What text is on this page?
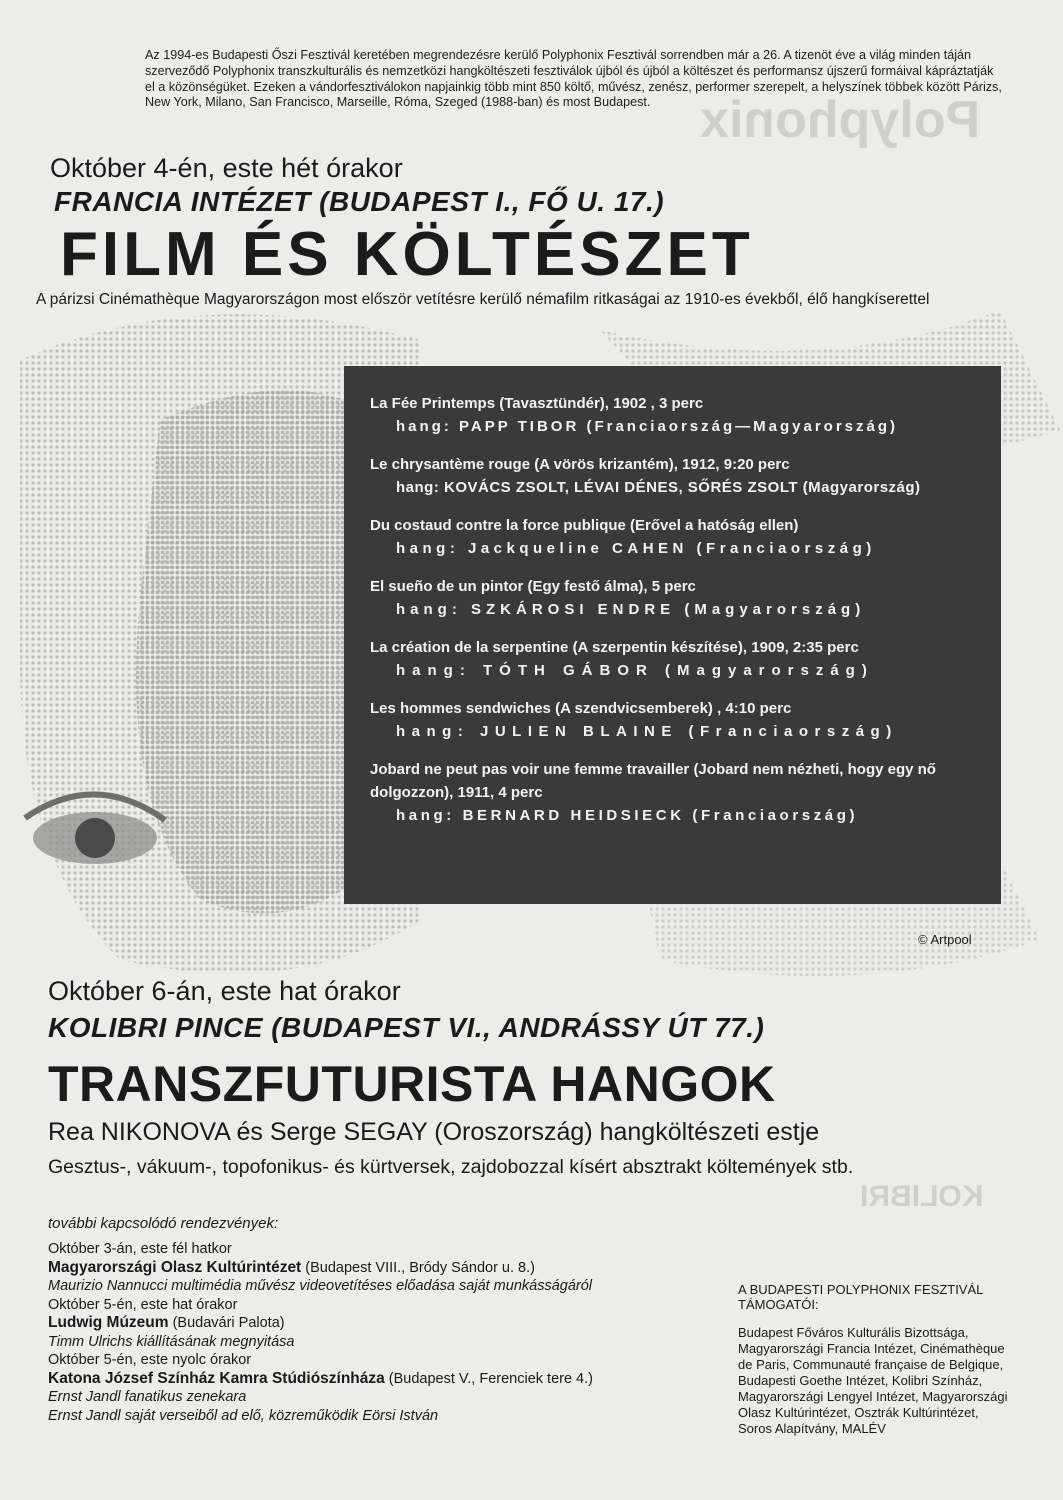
Polyphonix
KOLIBRI
Az 1994-es Budapesti Őszi Fesztivál keretében megrendezésre kerülő Polyphonix Fesztivál sorrendben már a 26. A tizenöt éve a világ minden táján szerveződő Polyphonix transzkulturális és nemzetközi hangköltészeti fesztiválok újból és újból a költészet és performansz újszerű formáival kápráztatják el a közönségüket. Ezeken a vándorfesztiválokon napjainkig több mint 850 költő, művész, zenész, performer szerepelt, a helyszínek többek között Párizs, New York, Milano, San Francisco, Marseille, Róma, Szeged (1988-ban) és most Budapest.
Október 4-én, este hét órakor
FRANCIA INTÉZET (BUDAPEST I., FŐ U. 17.)
FILM ÉS KÖLTÉSZET
A párizsi Cinémathèque Magyarországon most először vetítésre kerülő némafilm ritkaságai az 1910-es évekből, élő hangkíserettel
La Fée Printemps (Tavasztündér), 1902 , 3 perc
hang: PAPP TIBOR (Franciaország—Magyarország)
Le chrysantème rouge (A vörös krizantém), 1912, 9:20 perc
hang: KOVÁCS ZSOLT, LÉVAI DÉNES, SŐRÉS ZSOLT (Magyarország)
Du costaud contre la force publique (Erővel a hatóság ellen)
hang: Jackqueline CAHEN (Franciaország)
El sueño de un pintor (Egy festő álma), 5 perc
hang: SZKÁROSI ENDRE (Magyarország)
La création de la serpentine (A szerpentin készítése), 1909, 2:35 perc
hang: TÓTH GÁBOR (Magyarország)
Les hommes sendwiches (A szendvicsemberek) , 4:10 perc
hang: JULIEN BLAINE (Franciaország)
Jobard ne peut pas voir une femme travailler (Jobard nem nézheti, hogy egy nő dolgozzon), 1911, 4 perc
hang: BERNARD HEIDSIECK (Franciaország)
© Artpool
Október 6-án, este hat órakor
KOLIBRI PINCE (BUDAPEST VI., ANDRÁSSY ÚT 77.)
TRANSZFUTURISTA HANGOK
Rea NIKONOVA és Serge SEGAY (Oroszország) hangköltészeti estje
Gesztus-, vákuum-, topofonikus- és kürtversek, zajdobozzal kísért absztrakt költemények stb.
további kapcsolódó rendezvények:
Október 3-án, este fél hatkor
Magyarországi Olasz Kultúrintézet (Budapest VIII., Bródy Sándor u. 8.)
Maurizio Nannucci multimédia művész videovetítéses előadása saját munkásságáról
Október 5-én, este hat órakor
Ludwig Múzeum (Budavári Palota)
Timm Ulrichs kiállításának megnyitása
Október 5-én, este nyolc órakor
Katona József Színház Kamra Stúdiószínháza (Budapest V., Ferenciek tere 4.)
Ernst Jandl fanatikus zenekara
Ernst Jandl saját verseiből ad elő, közreműködik Eörsi István
A BUDAPESTI POLYPHONIX FESZTIVÁL TÁMOGATÓI:
Budapest Főváros Kulturális Bizottsága, Magyarországi Francia Intézet, Cinémathèque de Paris, Communauté française de Belgique, Budapesti Goethe Intézet, Kolibri Színház, Magyarországi Lengyel Intézet, Magyarországi Olasz Kultúrintézet, Osztrák Kultúrintézet, Soros Alapítvány, MALÉV
